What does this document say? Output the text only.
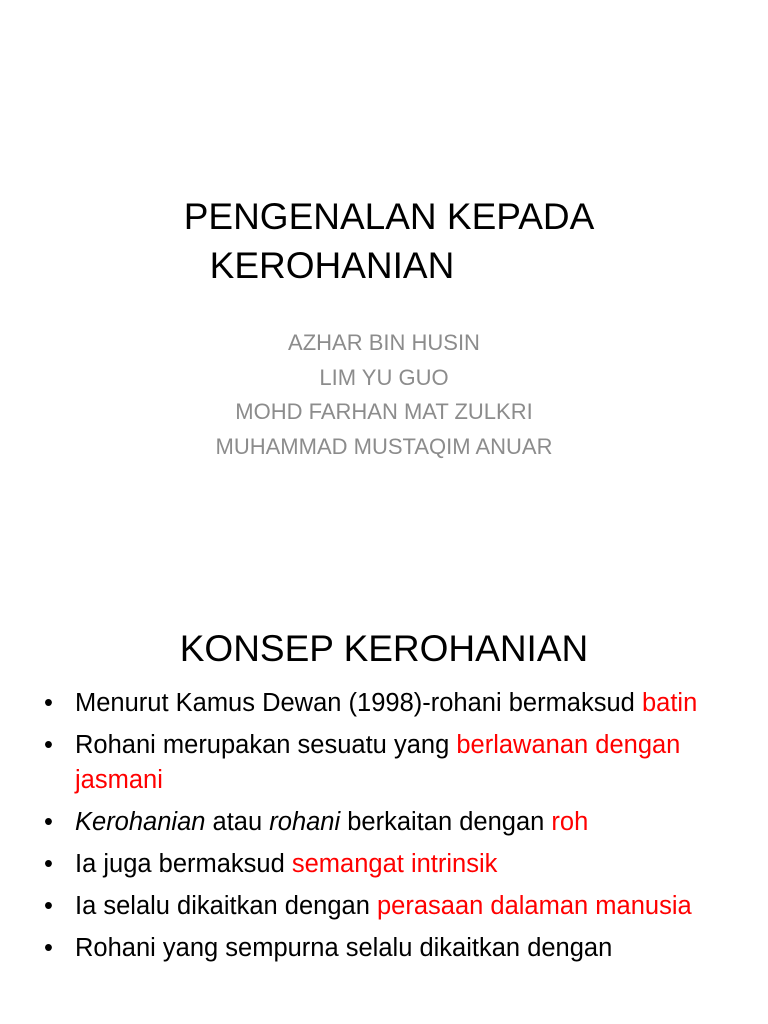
PENGENALAN KEPADA
KEROHANIAN
AZHAR BIN HUSIN
LIM YU GUO
MOHD FARHAN MAT ZULKRI
MUHAMMAD MUSTAQIM ANUAR
KONSEP KEROHANIAN
• Menurut Kamus Dewan (1998)-rohani bermaksud batin
• Rohani merupakan sesuatu yang berlawanan dengan jasmani
• Kerohanian atau rohani berkaitan dengan roh
• Ia juga bermaksud semangat intrinsik
• Ia selalu dikaitkan dengan perasaan dalaman manusia
• Rohani yang sempurna selalu dikaitkan dengan
